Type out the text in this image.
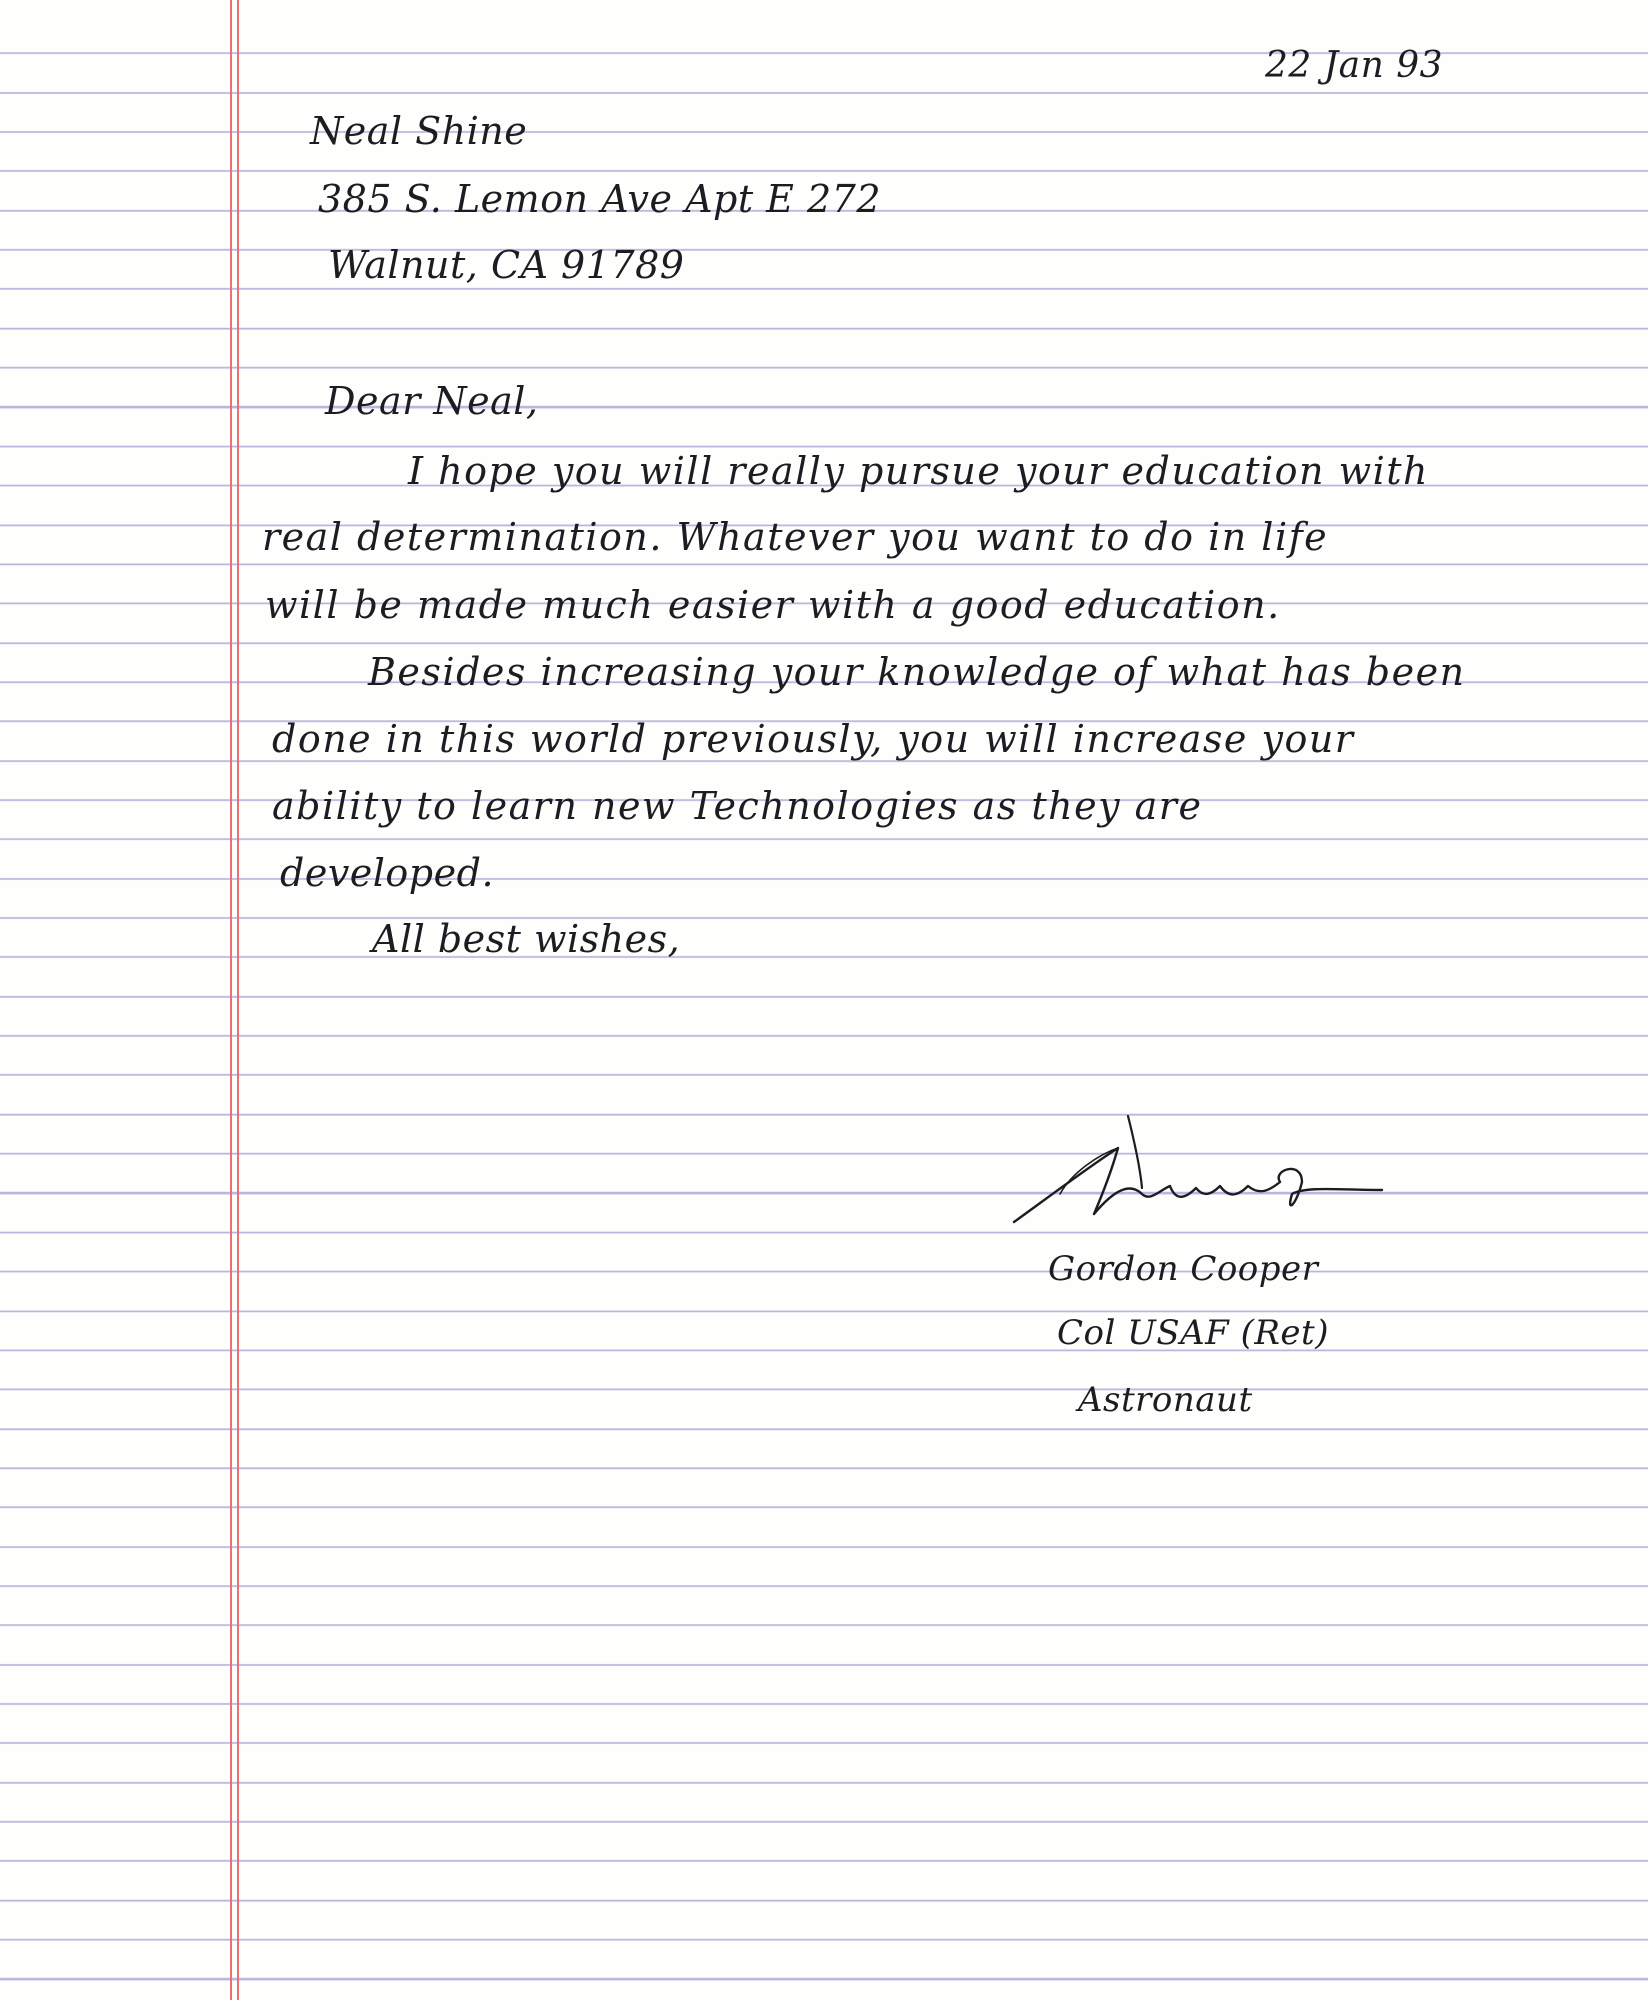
22 Jan 93
Neal Shine
385 S. Lemon Ave Apt E 272
Walnut, CA 91789
Dear Neal,
I hope you will really pursue your education with
real determination. Whatever you want to do in life
will be made much easier with a good education.
Besides increasing your knowledge of what has been
done in this world previously, you will increase your
ability to learn new Technologies as they are
developed.
All best wishes,
Gordon Cooper
Col USAF (Ret)
Astronaut
